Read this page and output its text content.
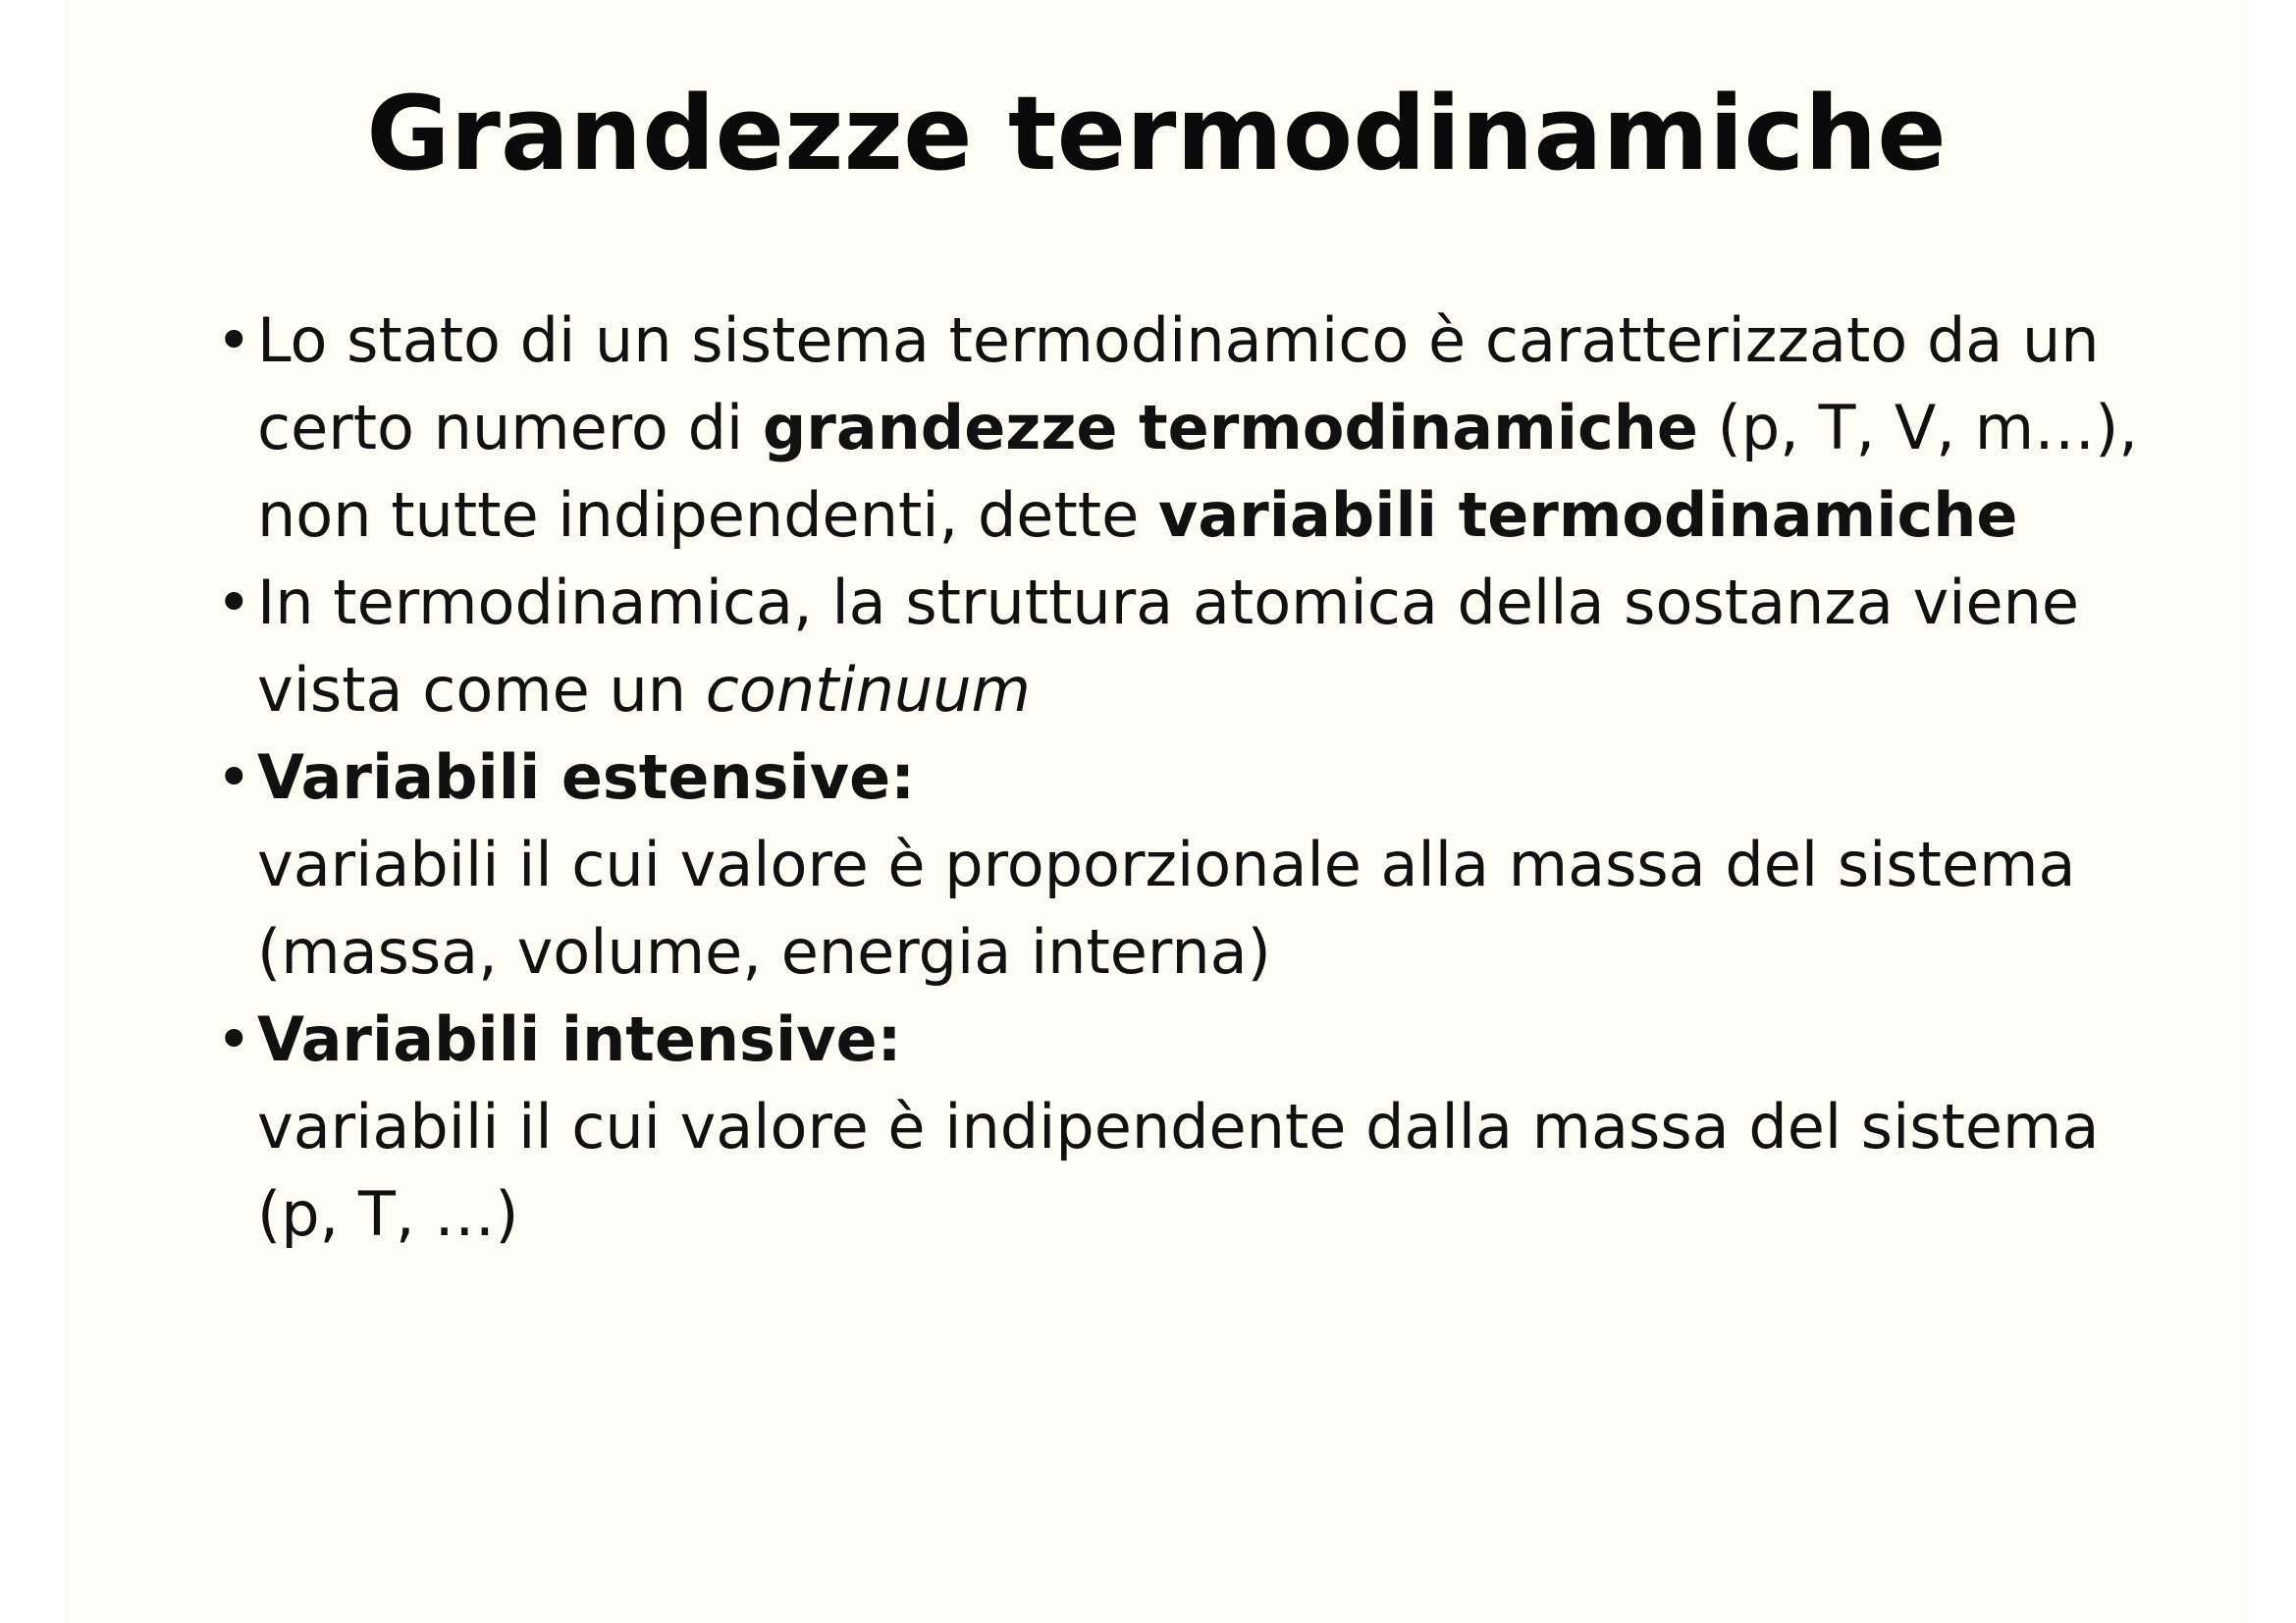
Grandezze termodinamiche
• Lo stato di un sistema termodinamico è caratterizzato da un certo numero di grandezze termodinamiche (p, T, V, m…), non tutte indipendenti, dette variabili termodinamiche
• In termodinamica, la struttura atomica della sostanza viene vista come un continuum
• Variabili estensive:
variabili il cui valore è proporzionale alla massa del sistema (massa, volume, energia interna)
• Variabili intensive:
variabili il cui valore è indipendente dalla massa del sistema (p, T, …)
